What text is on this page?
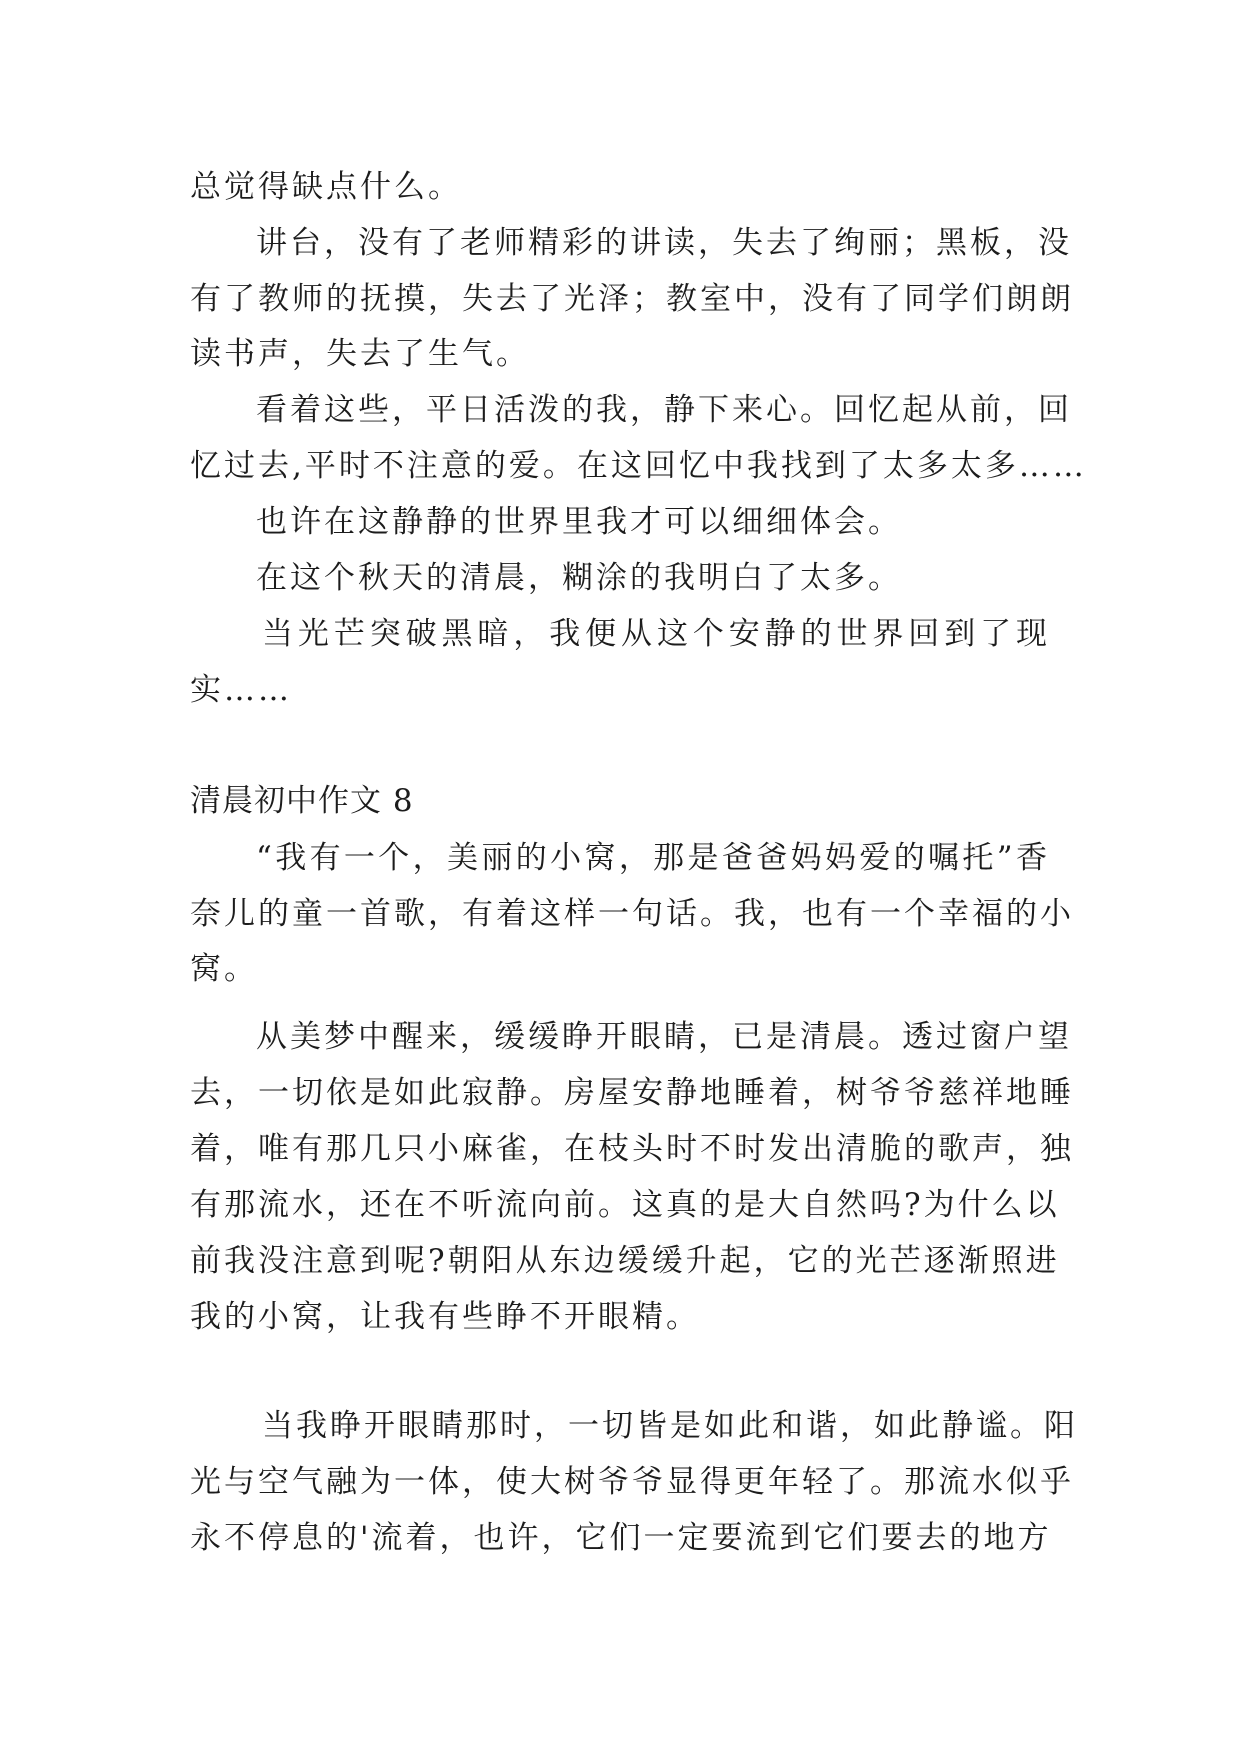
总觉得缺点什么。
讲台，没有了老师精彩的讲读，失去了绚丽；黑板，没
有了教师的抚摸，失去了光泽；教室中，没有了同学们朗朗
读书声，失去了生气。
看着这些，平日活泼的我，静下来心。回忆起从前，回
忆过去,平时不注意的爱。在这回忆中我找到了太多太多……
也许在这静静的世界里我才可以细细体会。
在这个秋天的清晨，糊涂的我明白了太多。
当光芒突破黑暗，我便从这个安静的世界回到了现
实……
清晨初中作文 8
“我有一个，美丽的小窝，那是爸爸妈妈爱的嘱托”香
奈儿的童一首歌，有着这样一句话。我，也有一个幸福的小
窝。
从美梦中醒来，缓缓睁开眼睛，已是清晨。透过窗户望
去，一切依是如此寂静。房屋安静地睡着，树爷爷慈祥地睡
着，唯有那几只小麻雀，在枝头时不时发出清脆的歌声，独
有那流水，还在不听流向前。这真的是大自然吗?为什么以
前我没注意到呢?朝阳从东边缓缓升起，它的光芒逐渐照进
我的小窝，让我有些睁不开眼精。
当我睁开眼睛那时，一切皆是如此和谐，如此静谧。阳
光与空气融为一体，使大树爷爷显得更年轻了。那流水似乎
永不停息的'流着，也许，它们一定要流到它们要去的地方
